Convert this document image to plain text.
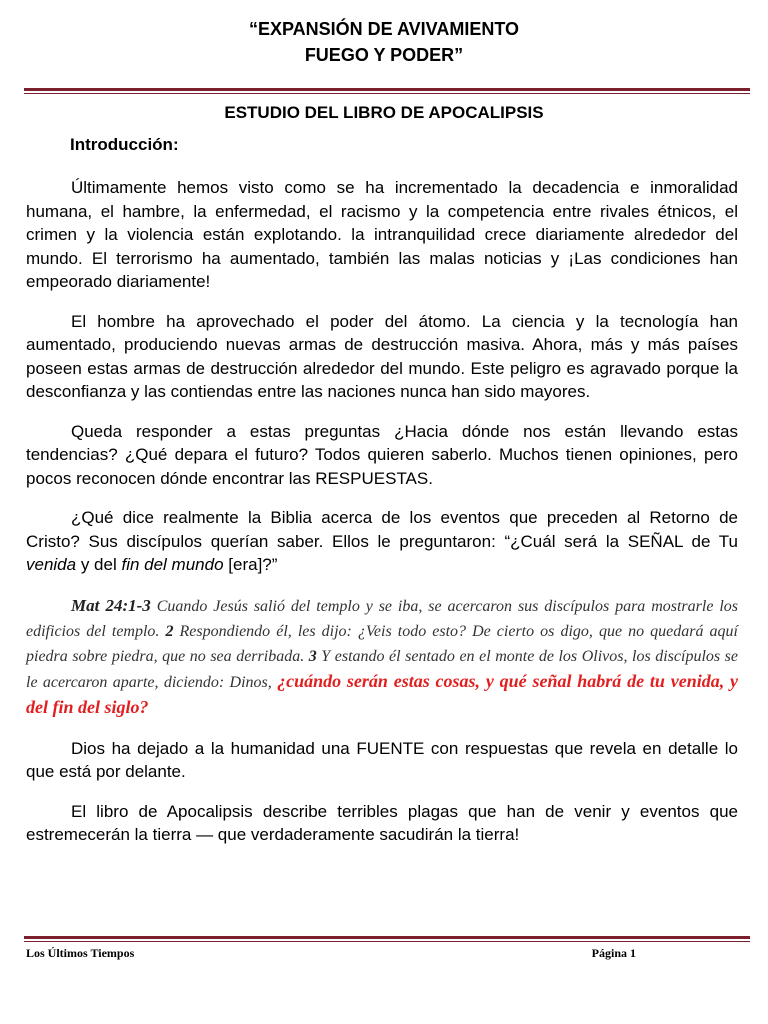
“EXPANSIÓN DE AVIVAMIENTO
FUEGO Y PODER”
ESTUDIO DEL LIBRO DE APOCALIPSIS
Introducción:

Últimamente hemos visto como se ha incrementado la decadencia e inmoralidad humana, el hambre, la enfermedad, el racismo y la competencia entre rivales étnicos, el crimen y la violencia están explotando. la intranquilidad crece diariamente alrededor del mundo. El terrorismo ha aumentado, también las malas noticias y ¡Las condiciones han empeorado diariamente!

El hombre ha aprovechado el poder del átomo. La ciencia y la tecnología han aumentado, produciendo nuevas armas de destrucción masiva. Ahora, más y más países poseen estas armas de destrucción alrededor del mundo. Este peligro es agravado porque la desconfianza y las contiendas entre las naciones nunca han sido mayores.

Queda responder a estas preguntas ¿Hacia dónde nos están llevando estas tendencias? ¿Qué depara el futuro? Todos quieren saberlo. Muchos tienen opiniones, pero pocos reconocen dónde encontrar las RESPUESTAS.

¿Qué dice realmente la Biblia acerca de los eventos que preceden al Retorno de Cristo? Sus discípulos querían saber. Ellos le preguntaron: “¿Cuál será la SEÑAL de Tu venida y del fin del mundo [era]?”

Mat 24:1-3 Cuando Jesús salió del templo y se iba, se acercaron sus discípulos para mostrarle los edificios del templo. 2 Respondiendo él, les dijo: ¿Veis todo esto? De cierto os digo, que no quedará aquí piedra sobre piedra, que no sea derribada. 3 Y estando él sentado en el monte de los Olivos, los discípulos se le acercaron aparte, diciendo: Dinos, ¿cuándo serán estas cosas, y qué señal habrá de tu venida, y del fin del siglo?

Dios ha dejado a la humanidad una FUENTE con respuestas que revela en detalle lo que está por delante.

El libro de Apocalipsis describe terribles plagas que han de venir y eventos que estremecerán la tierra — que verdaderamente sacudirán la tierra!

Los Últimos Tiempos	Página 1
